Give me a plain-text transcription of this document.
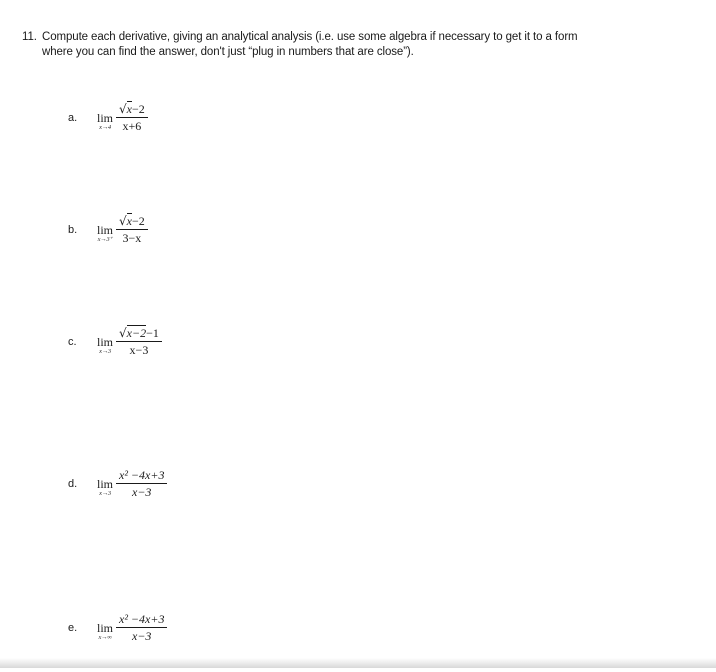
11. Compute each derivative, giving an analytical analysis (i.e. use some algebra if necessary to get it to a form
where you can find the answer, don't just “plug in numbers that are close”).
a.	lim
$x\to 4 \frac{√x-2}{x+6}$
b.	lim
$x\to 3^+ \frac{√x-2}{3-x}$
c.	lim
$x\to 3 \frac{√x-2-1}{x-3}$
d.	lim
$x\to 3 \frac{\text{x² −4x+3}}{x-3}$
e.	lim
$x\to\infty \frac{\text{x² −4x+3}}{x-3}$
